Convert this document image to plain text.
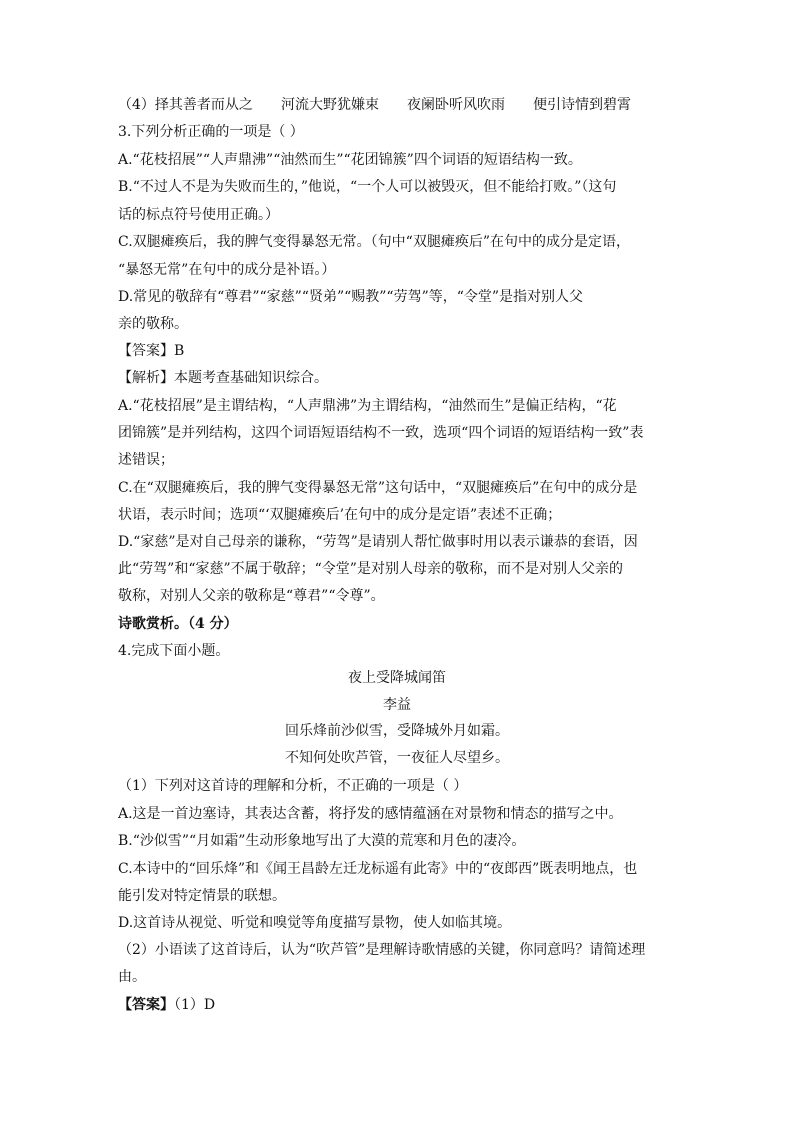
（4）择其善者而从之 河流大野犹嫌束 夜阑卧听风吹雨 便引诗情到碧霄
3.下列分析正确的一项是（ ）
A.“花枝招展”“人声鼎沸”“油然而生”“花团锦簇”四个词语的短语结构一致。
B.“不过人不是为失败而生的，”他说，“一个人可以被毁灭，但不能给打败。”（这句
话的标点符号使用正确。）
C.双腿瘫痪后，我的脾气变得暴怒无常。（句中“双腿瘫痪后”在句中的成分是定语，
“暴怒无常”在句中的成分是补语。）
D.常见的敬辞有“尊君”“家慈”“贤弟”“赐教”“劳驾”等，“令堂”是指对别人父
亲的敬称。
【答案】B
【解析】本题考查基础知识综合。
A.“花枝招展”是主谓结构，“人声鼎沸”为主谓结构，“油然而生”是偏正结构，“花
团锦簇”是并列结构，这四个词语短语结构不一致，选项“四个词语的短语结构一致”表
述错误；
C.在“双腿瘫痪后，我的脾气变得暴怒无常”这句话中，“双腿瘫痪后”在句中的成分是
状语，表示时间；选项“‘双腿瘫痪后’在句中的成分是定语”表述不正确；
D.“家慈”是对自己母亲的谦称，“劳驾”是请别人帮忙做事时用以表示谦恭的套语，因
此“劳驾”和“家慈”不属于敬辞；“令堂”是对别人母亲的敬称，而不是对别人父亲的
敬称，对别人父亲的敬称是“尊君”“令尊”。
诗歌赏析。（4 分）
4.完成下面小题。
夜上受降城闻笛
李益
回乐烽前沙似雪，受降城外月如霜。
不知何处吹芦管，一夜征人尽望乡。
（1）下列对这首诗的理解和分析，不正确的一项是（ ）
A.这是一首边塞诗，其表达含蓄，将抒发的感情蕴涵在对景物和情态的描写之中。
B.“沙似雪”“月如霜”生动形象地写出了大漠的荒寒和月色的凄冷。
C.本诗中的“回乐烽”和《闻王昌龄左迁龙标遥有此寄》中的“夜郎西”既表明地点，也
能引发对特定情景的联想。
D.这首诗从视觉、听觉和嗅觉等角度描写景物，使人如临其境。
（2）小语读了这首诗后，认为“吹芦管”是理解诗歌情感的关键，你同意吗？请简述理
由。
【答案】（1）D
